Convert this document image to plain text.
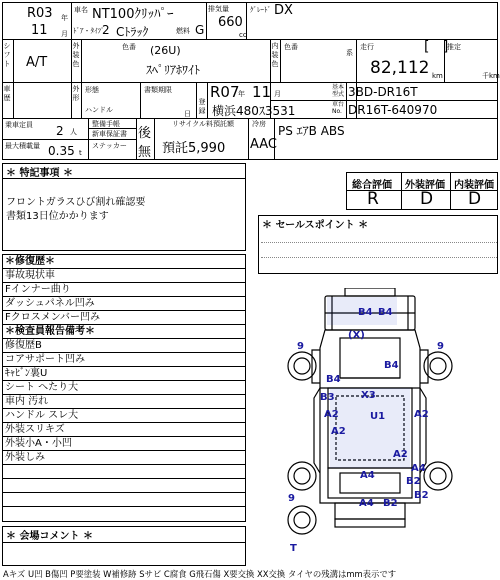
R03 年
11 月
車名 NT100ｸﾘｯﾊﾟｰ
ﾄﾞｱ・ﾀｲﾌﾟ
2 Cﾄﾗｯｸ	燃料 G
排気量
660
cc
ｸﾞﾚｰﾄﾞ DX
シフト A/T
外装色
色番 (26U)
ｽﾍﾟﾘｱﾎﾜｲﾄ
内装色
色番
系
走行	[   ]
82,112 km
推定
千km
車歴
外形
形態
ハンドル
書類期限
日
R07
年 11 月
登録 横浜480ｽ3531
基本型式 3BD-DR16T
車台No. DR16T-640970
乗車定員 2 人
最大積載量 0.35 t
整備手帳
新車保証書
ステッカー
後
無
リサイクル料預託額
預託5,990 AAC
冷房 PS ｴｱB ABS
＊ 特記事項 ＊
フロントガラスひび割れ確認要
書類13日位かかります
総合評価 外装評価 内装評価
R D D
＊ セールスポイント ＊
＊修復歴＊
事故現状車
Fインナー曲り
ダッシュパネル凹み
Fクロスメンバー凹み
＊検査員報告備考＊
修復歴B
コアサポート凹み
ｷｬﾋﾞﾝ裏U
シート へたり大
車内 汚れ
ハンドル スレ大
外装スリキズ
外装小A・小凹
外装しみ
＊ 会場コメント ＊
Aキズ U凹 B傷凹 P要塗装 W補修跡 Sサビ C腐食 G飛石傷 X要交換 XX交換 タイヤの残溝はmm表示です
B4 B4
(X)
B4
9	9
B4
B3	X3
A2	A2
U1
A2
A2
A4
A4
B2
B2
A4 B2
9
T
